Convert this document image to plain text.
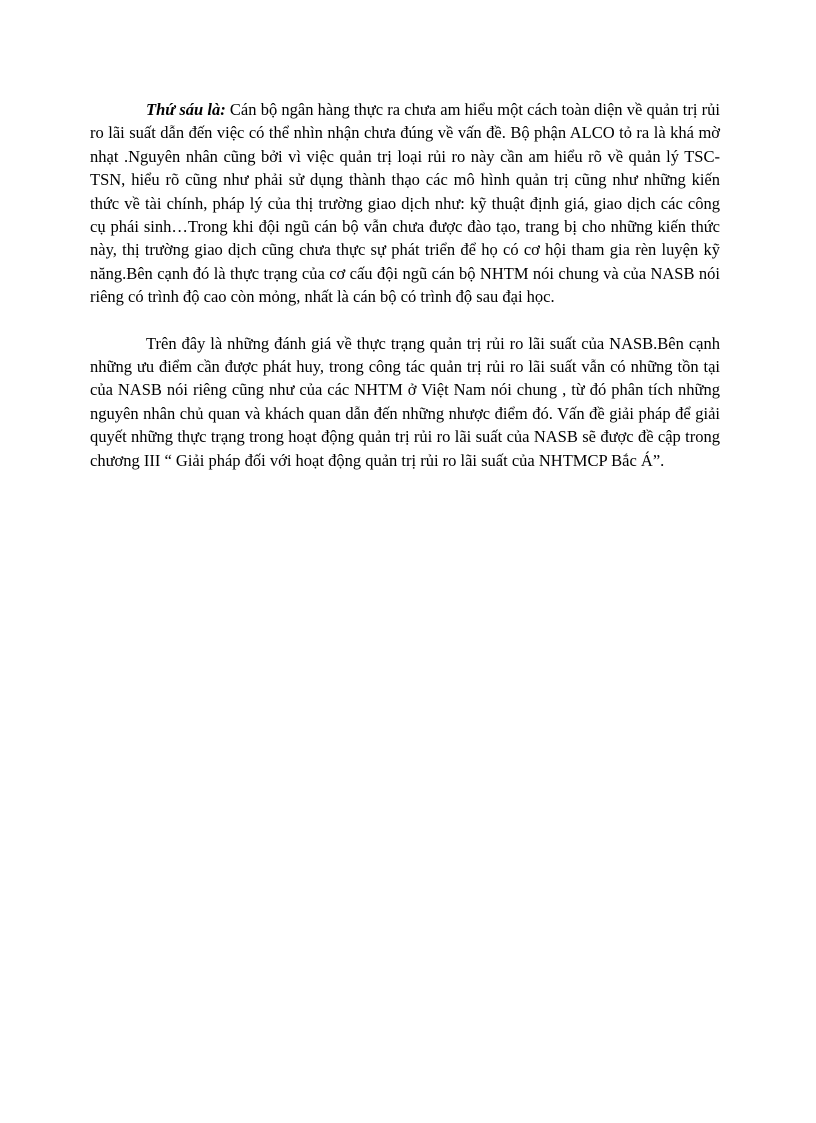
Thứ sáu là: Cán bộ ngân hàng thực ra chưa am hiểu một cách toàn diện về quản trị rủi ro lãi suất dẫn đến việc có thể nhìn nhận chưa đúng về vấn đề. Bộ phận ALCO tỏ ra là khá mờ nhạt .Nguyên nhân cũng bởi vì việc quản trị loại rủi ro này cần am hiểu rõ về quản lý TSC-TSN, hiểu rõ cũng như phải sử dụng thành thạo các mô hình quản trị cũng như những kiến thức về tài chính, pháp lý của thị trường giao dịch như: kỹ thuật định giá, giao dịch các công cụ phái sinh…Trong khi đội ngũ cán bộ vẫn chưa được đào tạo, trang bị cho những kiến thức này, thị trường giao dịch cũng chưa thực sự phát triển để họ có cơ hội tham gia rèn luyện kỹ năng.Bên cạnh đó là thực trạng của cơ cấu đội ngũ cán bộ NHTM nói chung và của NASB nói riêng có trình độ cao còn mỏng, nhất là cán bộ có trình độ sau đại học.

Trên đây là những đánh giá về thực trạng quản trị rủi ro lãi suất của NASB.Bên cạnh những ưu điểm cần được phát huy, trong công tác quản trị rủi ro lãi suất vẫn có những tồn tại của NASB nói riêng cũng như của các NHTM ở Việt Nam nói chung , từ đó phân tích những nguyên nhân chủ quan và khách quan dẫn đến những nhược điểm đó. Vấn đề giải pháp để giải quyết những thực trạng trong hoạt động quản trị rủi ro lãi suất của NASB sẽ được đề cập trong chương III “ Giải pháp đối với hoạt động quản trị rủi ro lãi suất của NHTMCP Bắc Á”.
